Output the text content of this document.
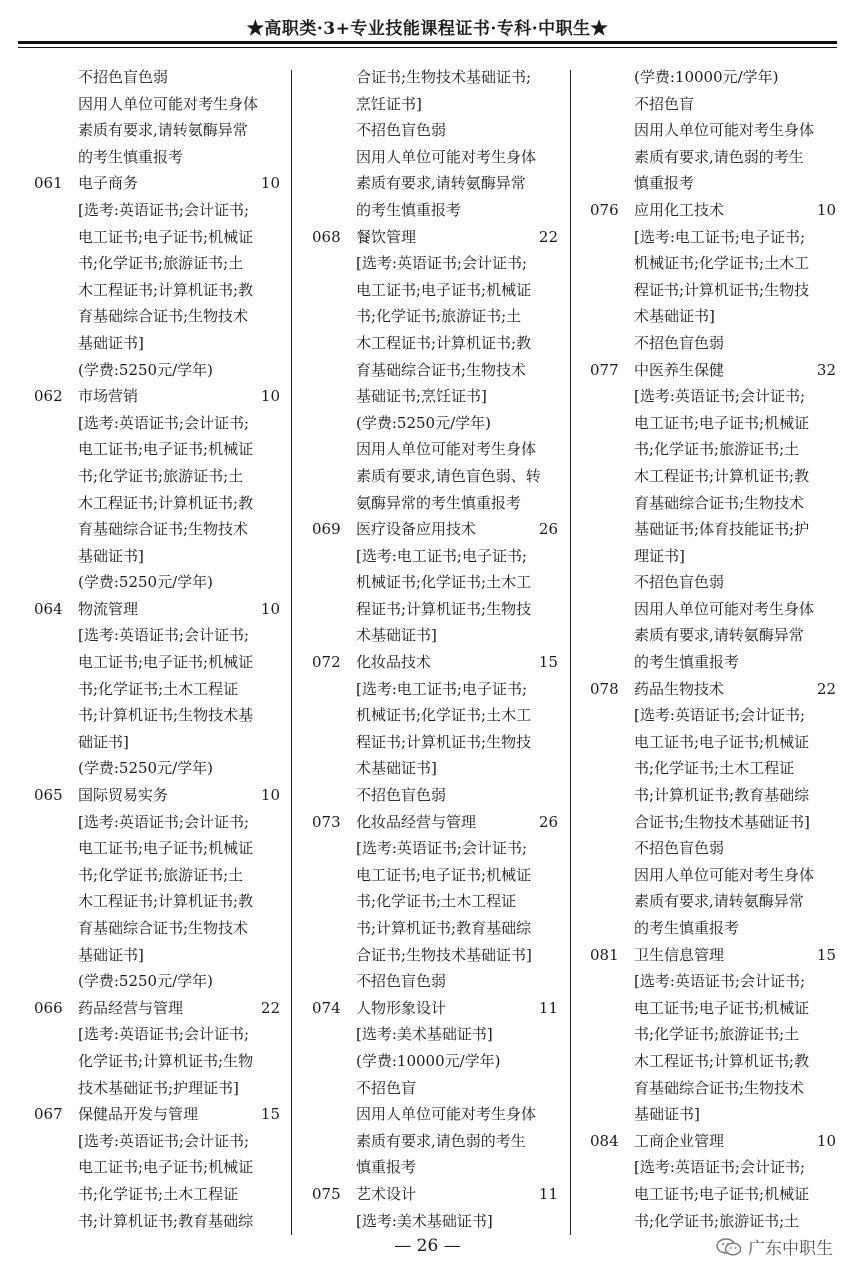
★高职类·3+专业技能课程证书·专科·中职生★
不招色盲色弱
因用人单位可能对考生身体
素质有要求,请转氨酶异常
的考生慎重报考
061	电子商务	10
[选考:英语证书;会计证书;
电工证书;电子证书;机械证
书;化学证书;旅游证书;土
木工程证书;计算机证书;教
育基础综合证书;生物技术
基础证书]
(学费:5250元/学年)
062	市场营销	10
[选考:英语证书;会计证书;
电工证书;电子证书;机械证
书;化学证书;旅游证书;土
木工程证书;计算机证书;教
育基础综合证书;生物技术
基础证书]
(学费:5250元/学年)
064	物流管理	10
[选考:英语证书;会计证书;
电工证书;电子证书;机械证
书;化学证书;土木工程证
书;计算机证书;生物技术基
础证书]
(学费:5250元/学年)
065	国际贸易实务	10
[选考:英语证书;会计证书;
电工证书;电子证书;机械证
书;化学证书;旅游证书;土
木工程证书;计算机证书;教
育基础综合证书;生物技术
基础证书]
(学费:5250元/学年)
066	药品经营与管理	22
[选考:英语证书;会计证书;
化学证书;计算机证书;生物
技术基础证书;护理证书]
067	保健品开发与管理	15
[选考:英语证书;会计证书;
电工证书;电子证书;机械证
书;化学证书;土木工程证
书;计算机证书;教育基础综
合证书;生物技术基础证书;
烹饪证书]
不招色盲色弱
因用人单位可能对考生身体
素质有要求,请转氨酶异常
的考生慎重报考
068	餐饮管理	22
[选考:英语证书;会计证书;
电工证书;电子证书;机械证
书;化学证书;旅游证书;土
木工程证书;计算机证书;教
育基础综合证书;生物技术
基础证书;烹饪证书]
(学费:5250元/学年)
因用人单位可能对考生身体
素质有要求,请色盲色弱、转
氨酶异常的考生慎重报考
069	医疗设备应用技术	26
[选考:电工证书;电子证书;
机械证书;化学证书;土木工
程证书;计算机证书;生物技
术基础证书]
072	化妆品技术	15
[选考:电工证书;电子证书;
机械证书;化学证书;土木工
程证书;计算机证书;生物技
术基础证书]
不招色盲色弱
073	化妆品经营与管理	26
[选考:英语证书;会计证书;
电工证书;电子证书;机械证
书;化学证书;土木工程证
书;计算机证书;教育基础综
合证书;生物技术基础证书]
不招色盲色弱
074	人物形象设计	11
[选考:美术基础证书]
(学费:10000元/学年)
不招色盲
因用人单位可能对考生身体
素质有要求,请色弱的考生
慎重报考
075	艺术设计	11
[选考:美术基础证书]
(学费:10000元/学年)
不招色盲
因用人单位可能对考生身体
素质有要求,请色弱的考生
慎重报考
076	应用化工技术	10
[选考:电工证书;电子证书;
机械证书;化学证书;土木工
程证书;计算机证书;生物技
术基础证书]
不招色盲色弱
077	中医养生保健	32
[选考:英语证书;会计证书;
电工证书;电子证书;机械证
书;化学证书;旅游证书;土
木工程证书;计算机证书;教
育基础综合证书;生物技术
基础证书;体育技能证书;护
理证书]
不招色盲色弱
因用人单位可能对考生身体
素质有要求,请转氨酶异常
的考生慎重报考
078	药品生物技术	22
[选考:英语证书;会计证书;
电工证书;电子证书;机械证
书;化学证书;土木工程证
书;计算机证书;教育基础综
合证书;生物技术基础证书]
不招色盲色弱
因用人单位可能对考生身体
素质有要求,请转氨酶异常
的考生慎重报考
081	卫生信息管理	15
[选考:英语证书;会计证书;
电工证书;电子证书;机械证
书;化学证书;旅游证书;土
木工程证书;计算机证书;教
育基础综合证书;生物技术
基础证书]
084	工商企业管理	10
[选考:英语证书;会计证书;
电工证书;电子证书;机械证
书;化学证书;旅游证书;土
— 26 —	广东中职生
